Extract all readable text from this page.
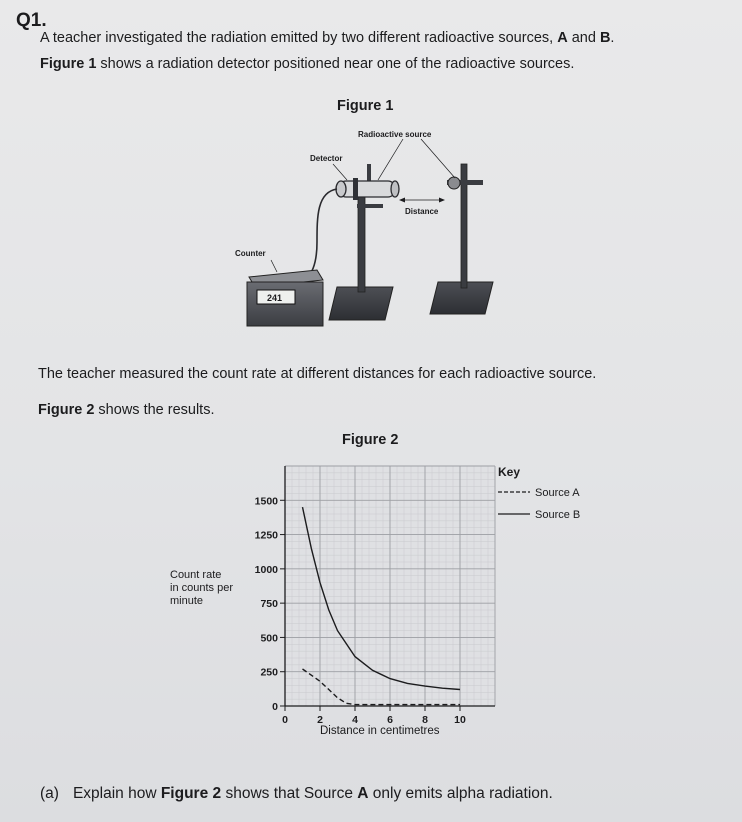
Q1.
A teacher investigated the radiation emitted by two different radioactive sources, A and B.
Figure 1 shows a radiation detector positioned near one of the radioactive sources.
Figure 1
Radioactive source
Detector
Distance
Counter
241
The teacher measured the count rate at different distances for each radioactive source.
Figure 2 shows the results.
Figure 2
0	2	4	6	8 10
0
250
500
750
1000
1250
1500
Count rate
in counts per
minute
Distance in centimetres
Key
Source A
Source B
(a) Explain how Figure 2 shows that Source A only emits alpha radiation.
